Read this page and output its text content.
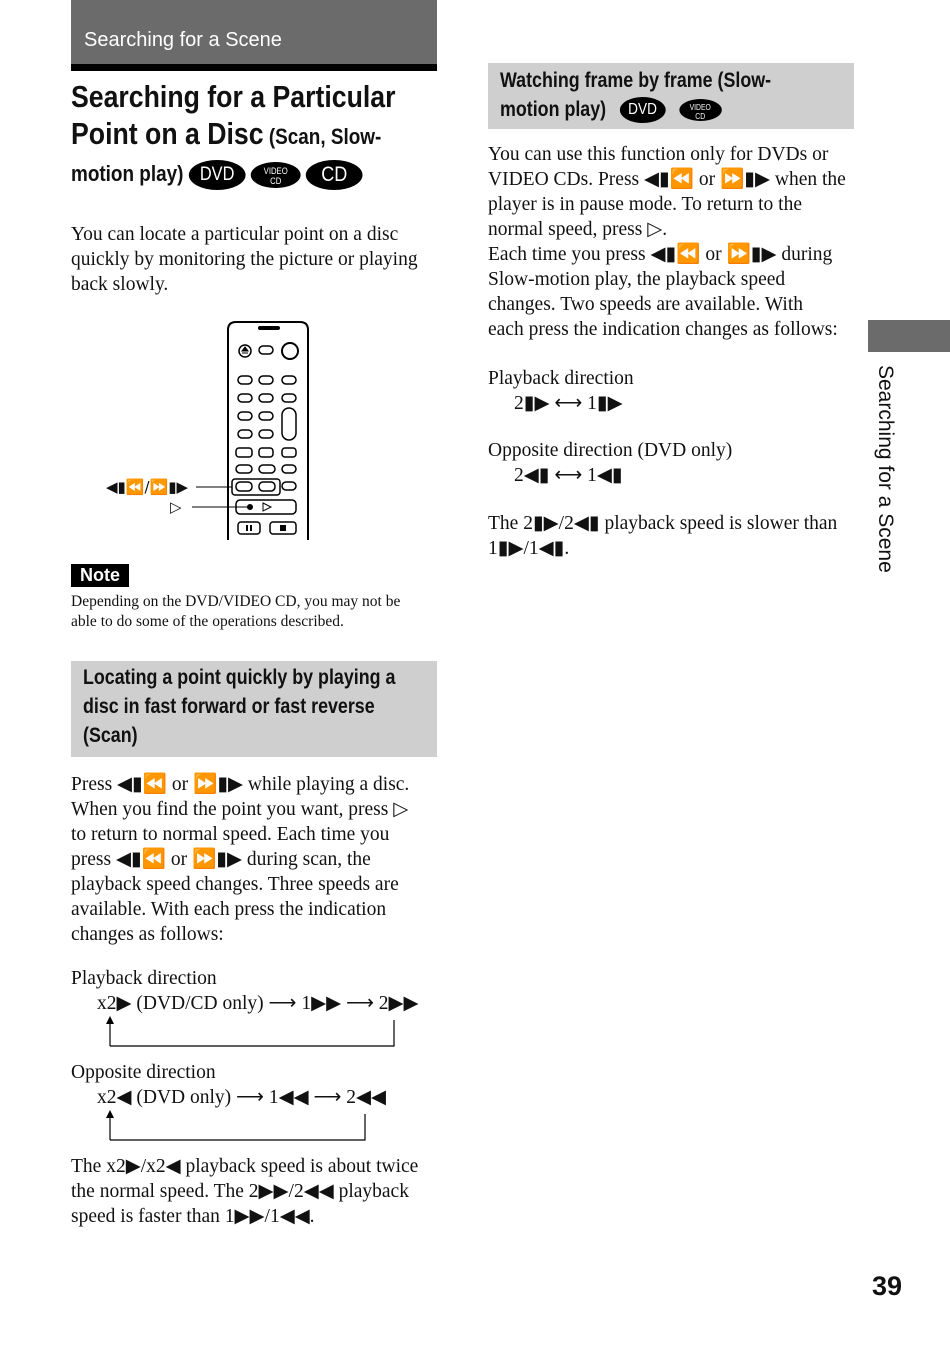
Searching for a Scene
Searching for a Particular
Point on a Disc (Scan, Slow-
motion play) DVD	VIDEO
CD CD
You can locate a particular point on a disc
quickly by monitoring the picture or playing
back slowly.
◀▮⏪/⏩▮▶
▷
Note
Depending on the DVD/VIDEO CD, you may not be
able to do some of the operations described.
Locating a point quickly by playing a
disc in fast forward or fast reverse
(Scan)
Press ◀▮⏪ or ⏩▮▶ while playing a disc.
When you find the point you want, press ▷
to return to normal speed. Each time you
press ◀▮⏪ or ⏩▮▶ during scan, the
playback speed changes. Three speeds are
available. With each press the indication
changes as follows:
Playback direction
x2▶ (DVD/CD only) ⟶ 1▶▶ ⟶ 2▶▶
Opposite direction
x2◀ (DVD only) ⟶ 1◀◀ ⟶ 2◀◀
The x2▶/x2◀ playback speed is about twice
the normal speed. The 2▶▶/2◀◀ playback
speed is faster than 1▶▶/1◀◀.
Watching frame by frame (Slow-
motion play) DVD	VIDEO
CD
You can use this function only for DVDs or
VIDEO CDs. Press ◀▮⏪ or ⏩▮▶ when the
player is in pause mode. To return to the
normal speed, press ▷.
Each time you press ◀▮⏪ or ⏩▮▶ during
Slow-motion play, the playback speed
changes. Two speeds are available. With
each press the indication changes as follows:
Playback direction
2▮▶ ⟷ 1▮▶
Opposite direction (DVD only)
2◀▮ ⟷ 1◀▮
The 2▮▶/2◀▮ playback speed is slower than
1▮▶/1◀▮.	Searching for a Scene
39
